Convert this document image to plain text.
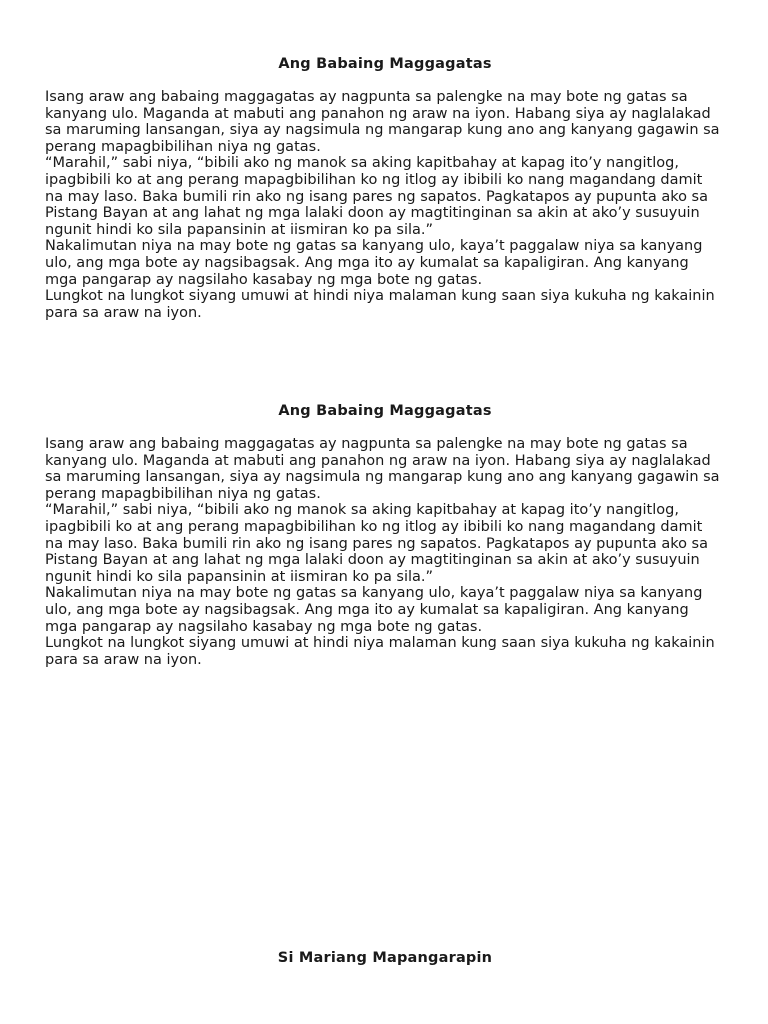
Ang Babaing Maggagatas

Isang araw ang babaing maggagatas ay nagpunta sa palengke na may bote ng gatas sa kanyang ulo. Maganda at mabuti ang panahon ng araw na iyon. Habang siya ay naglalakad sa maruming lansangan, siya ay nagsimula ng mangarap kung ano ang kanyang gagawin sa perang mapagbibilihan niya ng gatas.

“Marahil,” sabi niya, “bibili ako ng manok sa aking kapitbahay at kapag ito’y nangitlog, ipagbibili ko at ang perang mapagbibilihan ko ng itlog ay ibibili ko nang magandang damit na may laso. Baka bumili rin ako ng isang pares ng sapatos. Pagkatapos ay pupunta ako sa Pistang Bayan at ang lahat ng mga lalaki doon ay magtitinginan sa akin at ako’y susuyuin ngunit hindi ko sila papansinin at iismiran ko pa sila.”

Nakalimutan niya na may bote ng gatas sa kanyang ulo, kaya’t paggalaw niya sa kanyang ulo, ang mga bote ay nagsibagsak. Ang mga ito ay kumalat sa kapaligiran. Ang kanyang mga pangarap ay nagsilaho kasabay ng mga bote ng gatas.

Lungkot na lungkot siyang umuwi at hindi niya malaman kung saan siya kukuha ng kakainin para sa araw na iyon.

Ang Babaing Maggagatas

Isang araw ang babaing maggagatas ay nagpunta sa palengke na may bote ng gatas sa kanyang ulo. Maganda at mabuti ang panahon ng araw na iyon. Habang siya ay naglalakad sa maruming lansangan, siya ay nagsimula ng mangarap kung ano ang kanyang gagawin sa perang mapagbibilihan niya ng gatas.

“Marahil,” sabi niya, “bibili ako ng manok sa aking kapitbahay at kapag ito’y nangitlog, ipagbibili ko at ang perang mapagbibilihan ko ng itlog ay ibibili ko nang magandang damit na may laso. Baka bumili rin ako ng isang pares ng sapatos. Pagkatapos ay pupunta ako sa Pistang Bayan at ang lahat ng mga lalaki doon ay magtitinginan sa akin at ako’y susuyuin ngunit hindi ko sila papansinin at iismiran ko pa sila.”

Nakalimutan niya na may bote ng gatas sa kanyang ulo, kaya’t paggalaw niya sa kanyang ulo, ang mga bote ay nagsibagsak. Ang mga ito ay kumalat sa kapaligiran. Ang kanyang mga pangarap ay nagsilaho kasabay ng mga bote ng gatas.

Lungkot na lungkot siyang umuwi at hindi niya malaman kung saan siya kukuha ng kakainin para sa araw na iyon.

Si Mariang Mapangarapin
